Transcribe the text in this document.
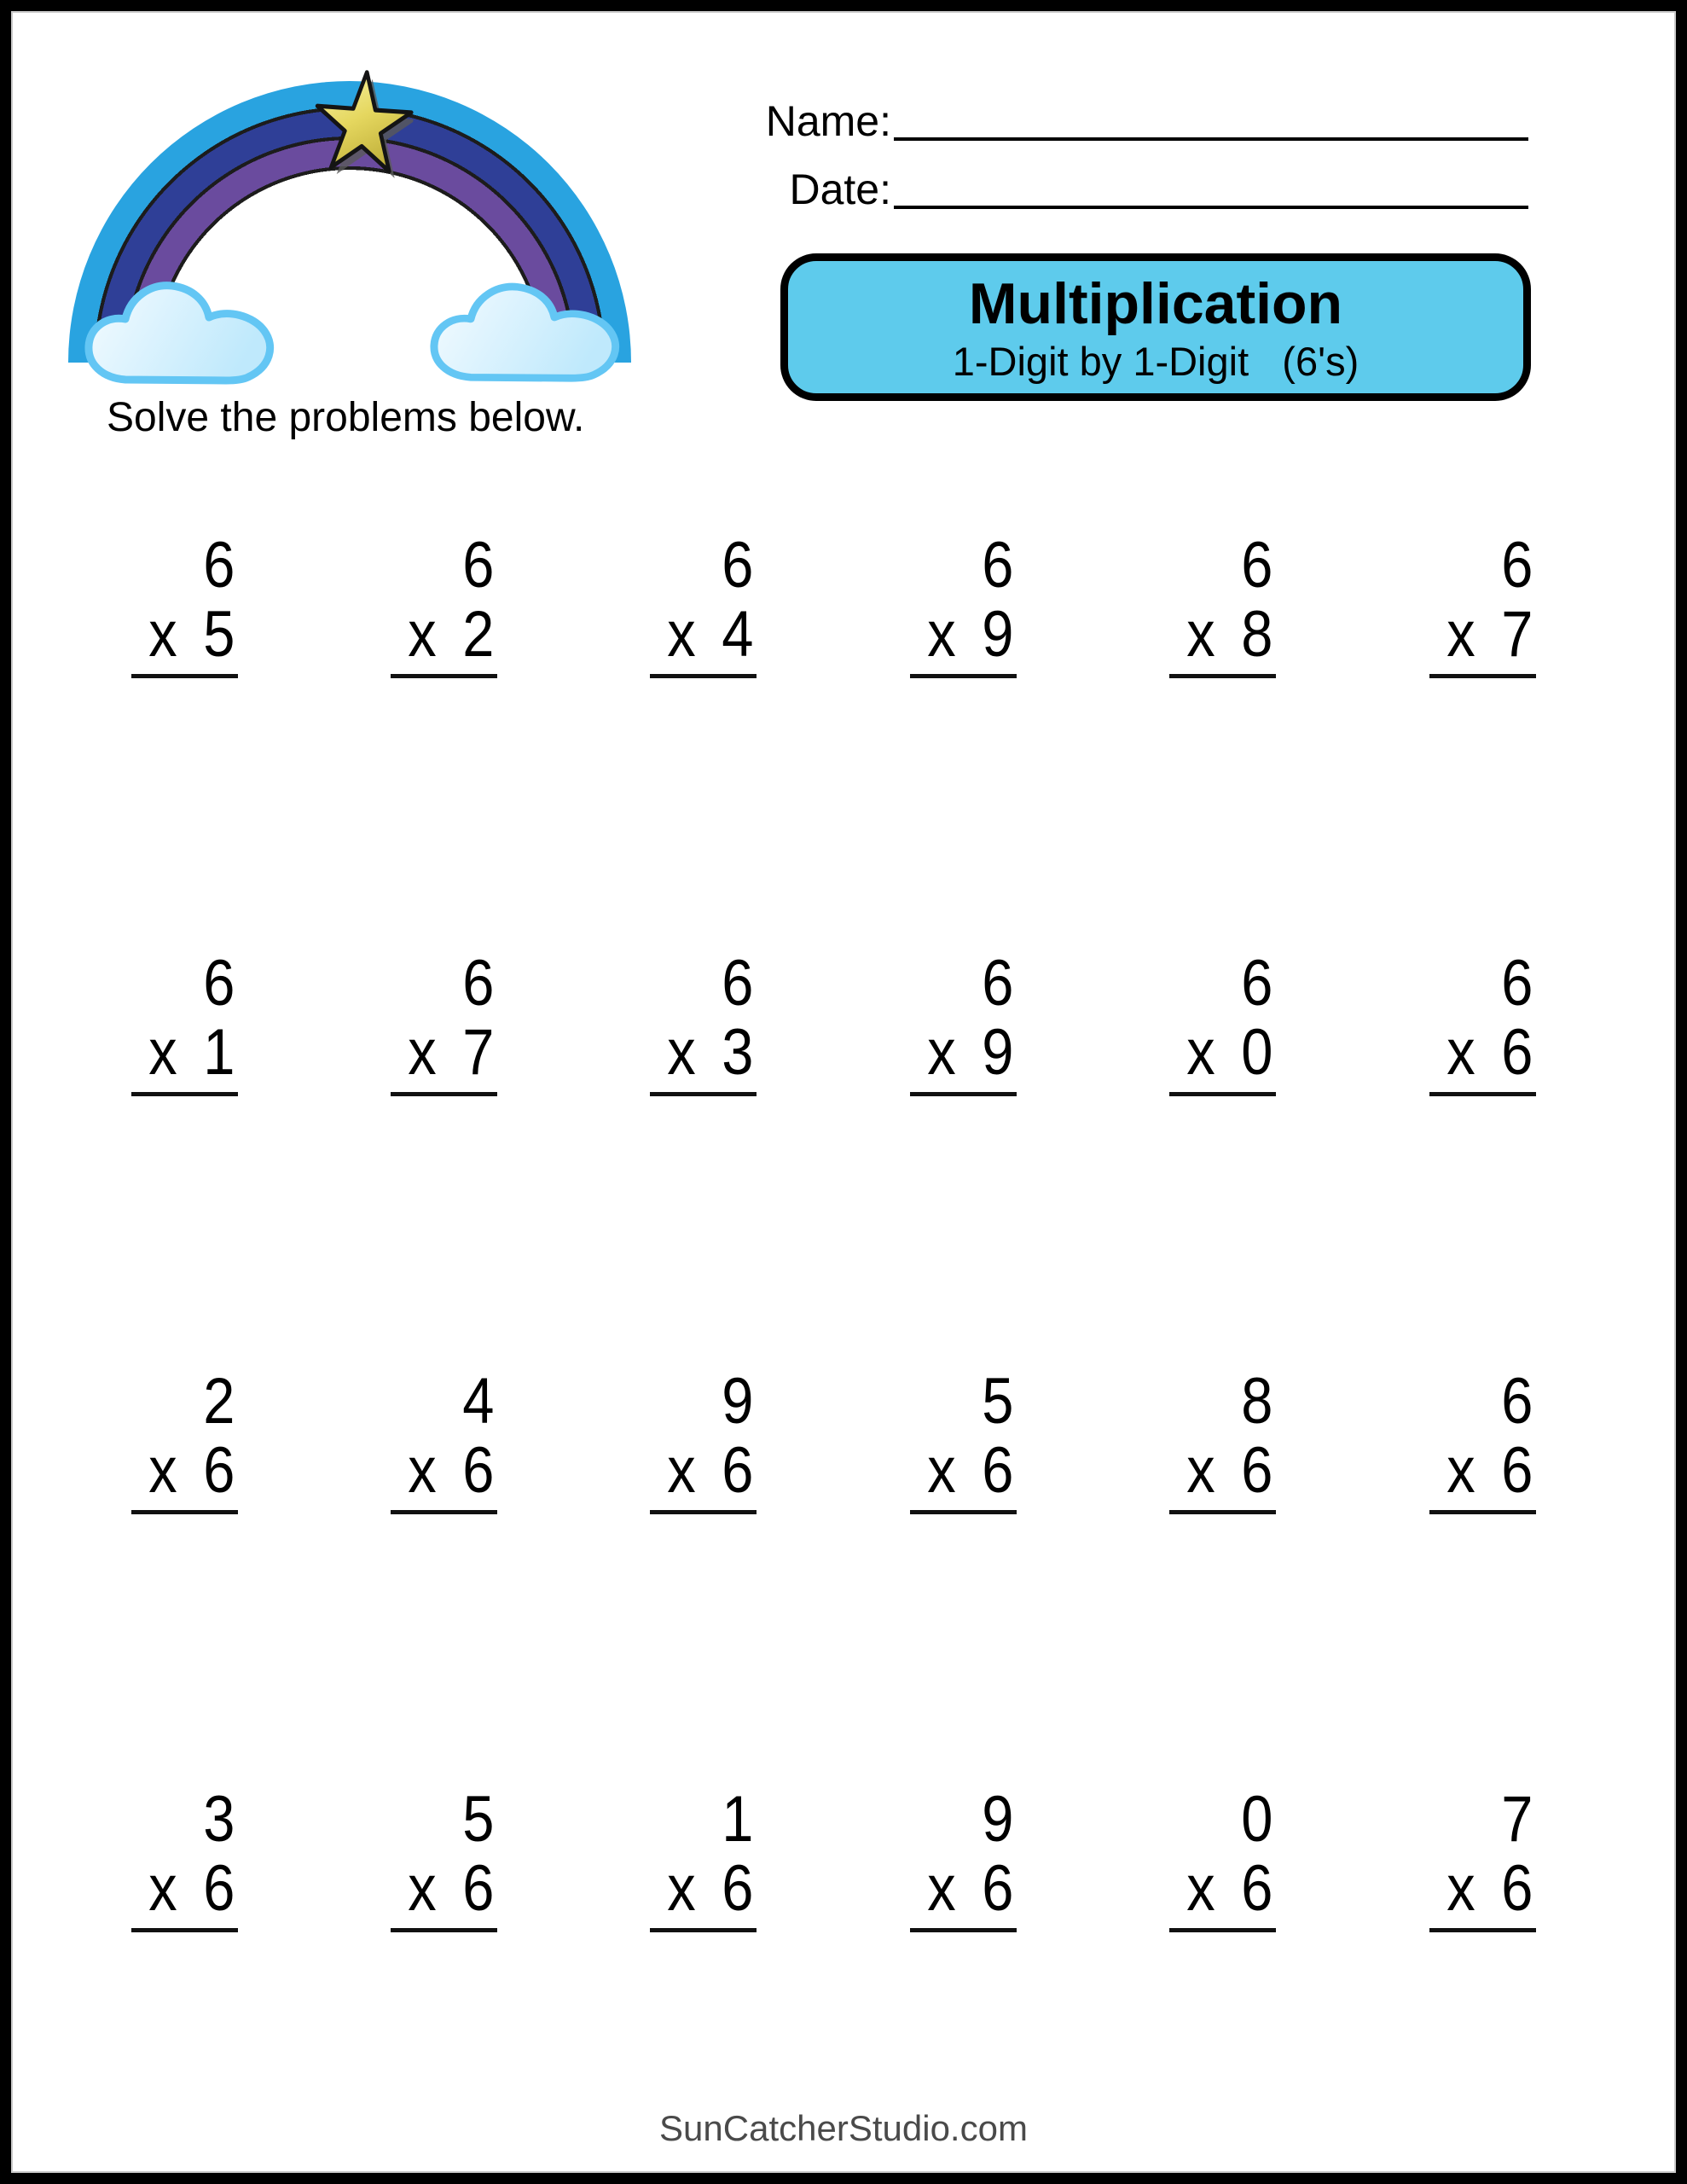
Solve the problems below.
Name:
Date:
Multiplication
1-Digit by 1-Digit   (6's)
6
x 5
6
x 2
6
x 4
6
x 9
6
x 8
6
x 7
6
x 1
6
x 7
6
x 3
6
x 9
6
x 0
6
x 6
2
x 6
4
x 6
9
x 6
5
x 6
8
x 6
6
x 6
3
x 6
5
x 6
1
x 6
9
x 6
0
x 6
7
x 6
SunCatcherStudio.com
